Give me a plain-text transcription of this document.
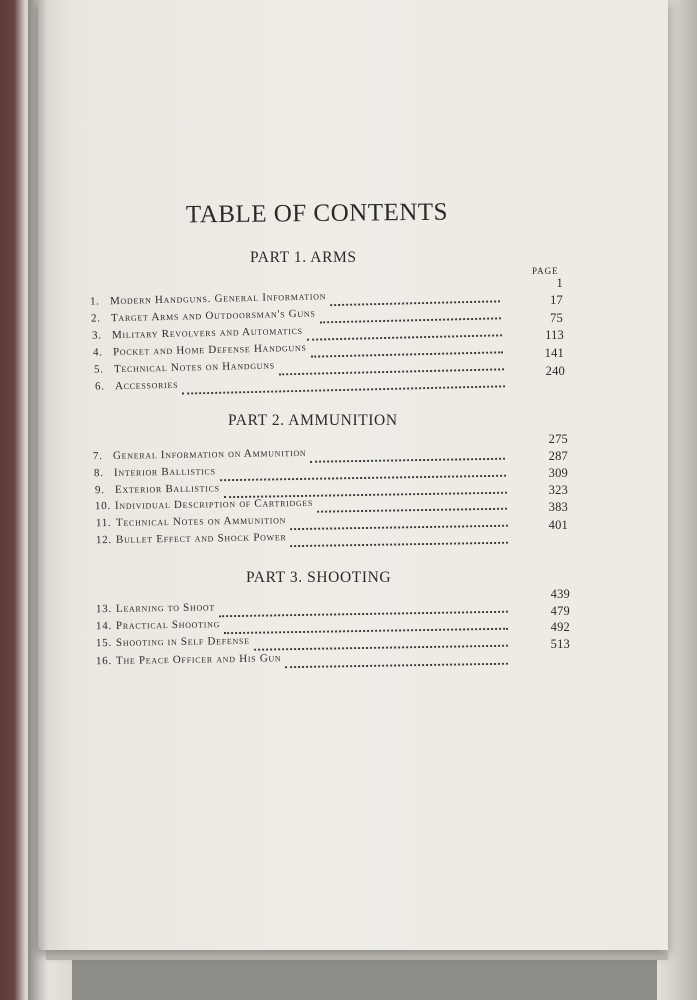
TABLE OF CONTENTS
PAGE
PART 1. ARMS
1. Modern Handguns. General Information
2. Target Arms and Outdoorsman's Guns
3. Military Revolvers and Automatics
4. Pocket and Home Defense Handguns
5. Technical Notes on Handguns
6. Accessories
1
17
75
113
141
240
PART 2. AMMUNITION
7. General Information on Ammunition
8. Interior Ballistics
9. Exterior Ballistics
10. Individual Description of Cartridges
11. Technical Notes on Ammunition
12. Bullet Effect and Shock Power
275
287
309
323
383
401
PART 3. SHOOTING
13. Learning to Shoot
14. Practical Shooting
15. Shooting in Self Defense
16. The Peace Officer and His Gun
439
479
492
513
